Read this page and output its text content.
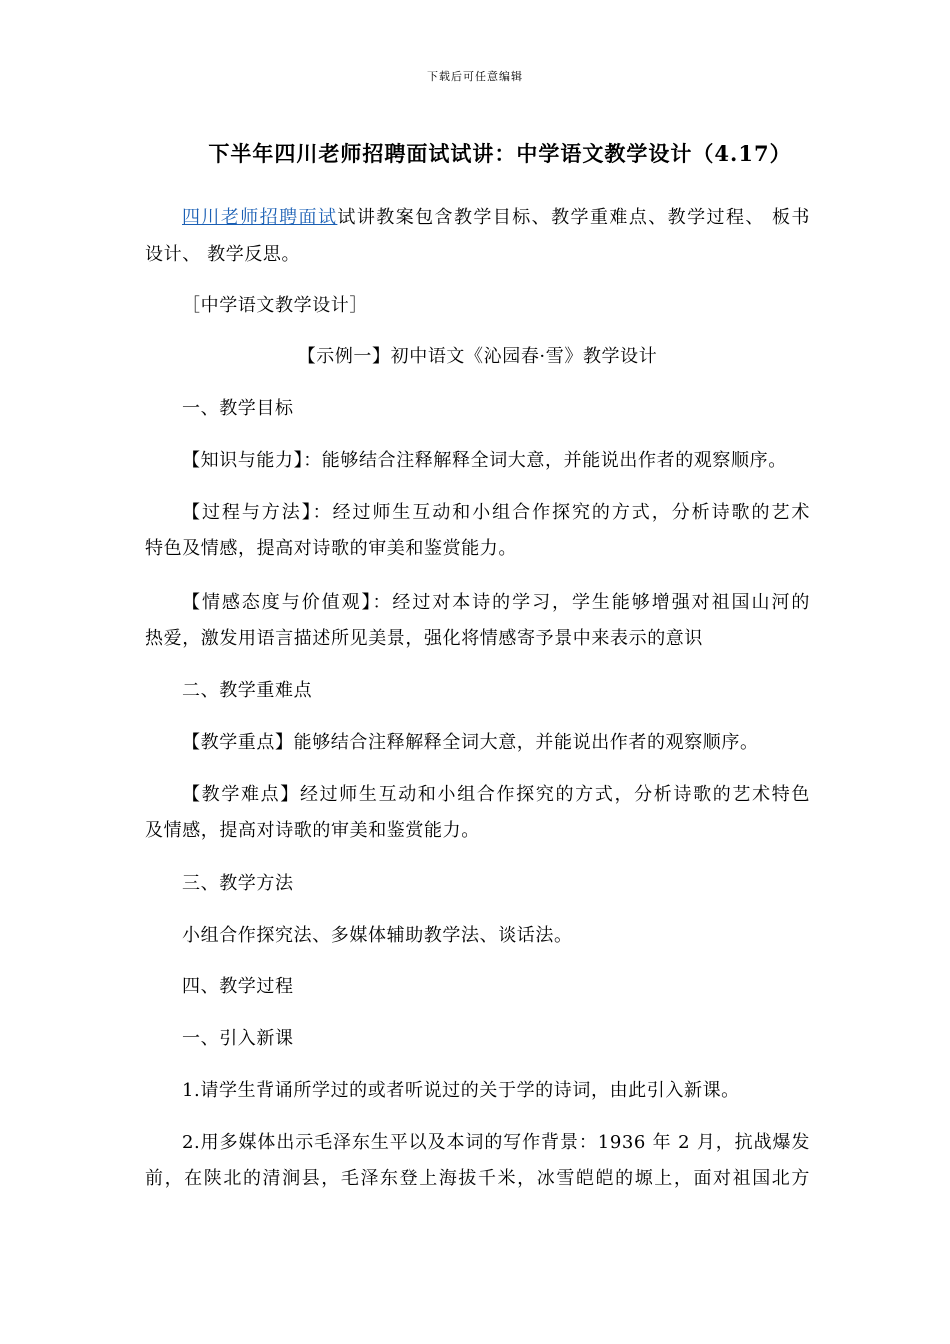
下载后可任意编辑
下半年四川老师招聘面试试讲：中学语文教学设计（4.17）
四川老师招聘面试试讲教案包含教学目标、教学重难点、教学过程、 板书
设计、 教学反思。
［中学语文教学设计］
【示例一】初中语文《沁园春·雪》教学设计
一、教学目标
【知识与能力】：能够结合注释解释全词大意，并能说出作者的观察顺序。
【过程与方法】：经过师生互动和小组合作探究的方式，分析诗歌的艺术
特色及情感，提高对诗歌的审美和鉴赏能力。
【情感态度与价值观】：经过对本诗的学习，学生能够增强对祖国山河的
热爱，激发用语言描述所见美景，强化将情感寄予景中来表示的意识
二、教学重难点
【教学重点】能够结合注释解释全词大意，并能说出作者的观察顺序。
【教学难点】经过师生互动和小组合作探究的方式，分析诗歌的艺术特色
及情感，提高对诗歌的审美和鉴赏能力。
三、教学方法
小组合作探究法、多媒体辅助教学法、谈话法。
四、教学过程
一、引入新课
1.请学生背诵所学过的或者听说过的关于学的诗词，由此引入新课。
2.用多媒体出示毛泽东生平以及本词的写作背景：1936 年 2 月，抗战爆发
前，在陕北的清涧县，毛泽东登上海拔千米，冰雪皑皑的塬上，面对祖国北方
